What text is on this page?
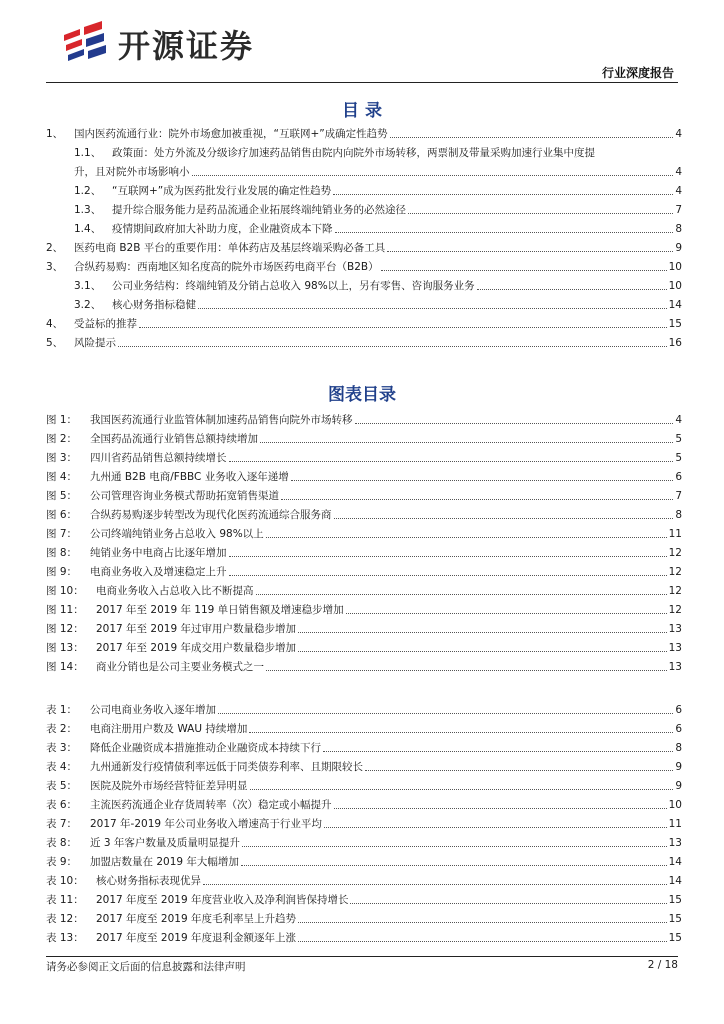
开源证券
行业深度报告
目 录
1、	国内医药流通行业：院外市场愈加被重视，“互联网+”成确定性趋势	4
1.1、	政策面：处方外流及分级诊疗加速药品销售由院内向院外市场转移，两票制及带量采购加速行业集中度提
升，且对院外市场影响小	4
1.2、	“互联网+”成为医药批发行业发展的确定性趋势	4
1.3、	提升综合服务能力是药品流通企业拓展终端纯销业务的必然途径	7
1.4、	疫情期间政府加大补助力度，企业融资成本下降	8
2、	医药电商 B2B 平台的重要作用：单体药店及基层终端采购必备工具	9
3、	合纵药易购：西南地区知名度高的院外市场医药电商平台（B2B）	10
3.1、	公司业务结构：终端纯销及分销占总收入 98%以上，另有零售、咨询服务业务	10
3.2、	核心财务指标稳健	14
4、	受益标的推荐	15
5、	风险提示	16
图表目录
图 1：	我国医药流通行业监管体制加速药品销售向院外市场转移	4
图 2：	全国药品流通行业销售总额持续增加	5
图 3：	四川省药品销售总额持续增长	5
图 4：	九州通 B2B 电商/FBBC 业务收入逐年递增	6
图 5：	公司管理咨询业务模式帮助拓宽销售渠道	7
图 6：	合纵药易购逐步转型改为现代化医药流通综合服务商	8
图 7：	公司终端纯销业务占总收入 98%以上	11
图 8：	纯销业务中电商占比逐年增加	12
图 9：	电商业务收入及增速稳定上升	12
图 10：	电商业务收入占总收入比不断提高	12
图 11：	2017 年至 2019 年 119 单日销售额及增速稳步增加	12
图 12：	2017 年至 2019 年过审用户数量稳步增加	13
图 13：	2017 年至 2019 年成交用户数量稳步增加	13
图 14：	商业分销也是公司主要业务模式之一	13
表 1：	公司电商业务收入逐年增加	6
表 2：	电商注册用户数及 WAU 持续增加	6
表 3：	降低企业融资成本措施推动企业融资成本持续下行	8
表 4：	九州通新发行疫情债利率远低于同类债券利率、且期限较长	9
表 5：	医院及院外市场经营特征差异明显	9
表 6：	主流医药流通企业存货周转率（次）稳定或小幅提升	10
表 7：	2017 年-2019 年公司业务收入增速高于行业平均	11
表 8：	近 3 年客户数量及质量明显提升	13
表 9：	加盟店数量在 2019 年大幅增加	14
表 10：	核心财务指标表现优异	14
表 11：	2017 年度至 2019 年度营业收入及净利润皆保持增长	15
表 12：	2017 年度至 2019 年度毛利率呈上升趋势	15
表 13：	2017 年度至 2019 年度退利金额逐年上涨	15
请务必参阅正文后面的信息披露和法律声明	2 / 18
